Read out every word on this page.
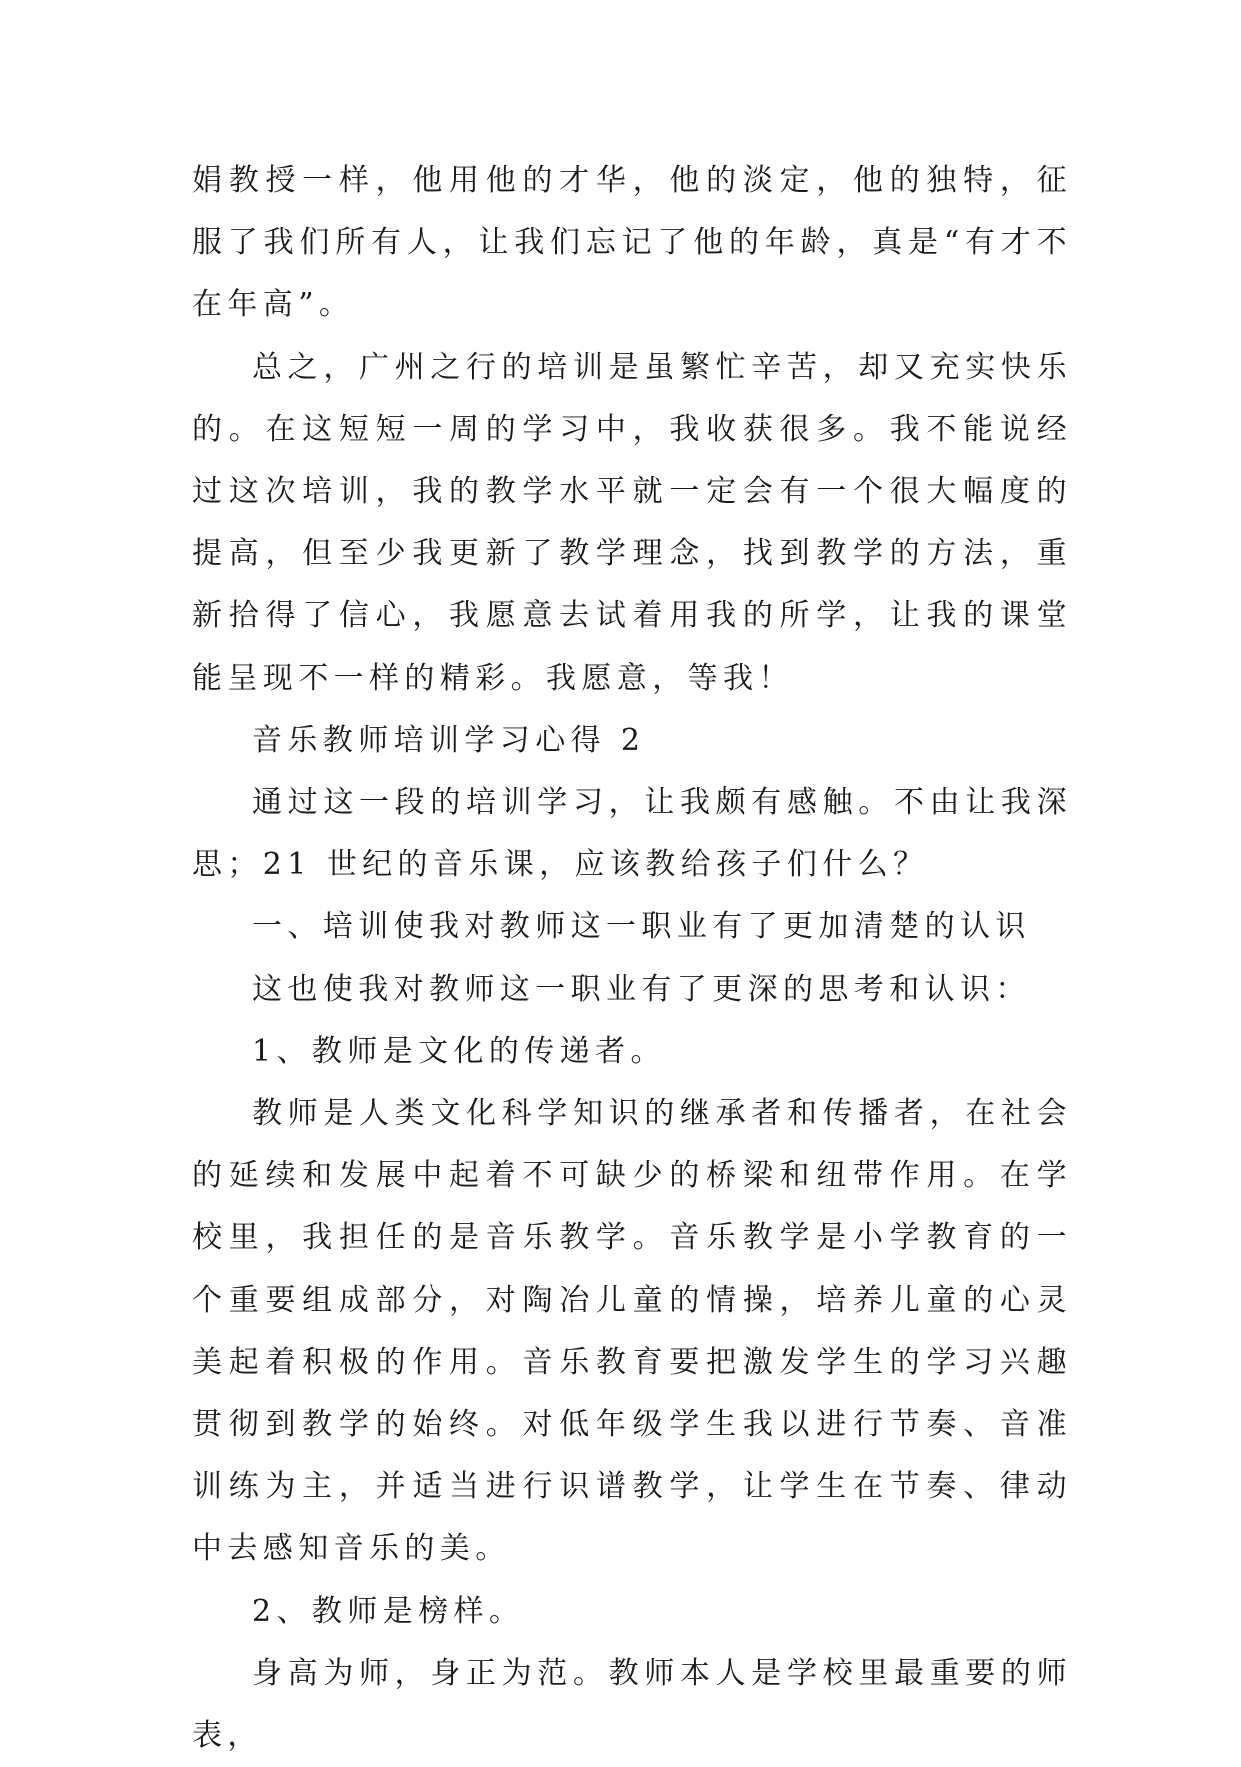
娟教授一样，他用他的才华，他的淡定，他的独特，征服了我们所有人，让我们忘记了他的年龄，真是“有才不在年高”。

总之，广州之行的培训是虽繁忙辛苦，却又充实快乐的。在这短短一周的学习中，我收获很多。我不能说经过这次培训，我的教学水平就一定会有一个很大幅度的提高，但至少我更新了教学理念，找到教学的方法，重新拾得了信心，我愿意去试着用我的所学，让我的课堂能呈现不一样的精彩。我愿意，等我！

音乐教师培训学习心得 2

通过这一段的培训学习，让我颇有感触。不由让我深思；21 世纪的音乐课，应该教给孩子们什么？

一、培训使我对教师这一职业有了更加清楚的认识

这也使我对教师这一职业有了更深的思考和认识：

1、教师是文化的传递者。

教师是人类文化科学知识的继承者和传播者，在社会的延续和发展中起着不可缺少的桥梁和纽带作用。在学校里，我担任的是音乐教学。音乐教学是小学教育的一个重要组成部分，对陶冶儿童的情操，培养儿童的心灵美起着积极的作用。音乐教育要把激发学生的学习兴趣贯彻到教学的始终。对低年级学生我以进行节奏、音准训练为主，并适当进行识谱教学，让学生在节奏、律动中去感知音乐的美。

2、教师是榜样。

身高为师，身正为范。教师本人是学校里最重要的师表，
